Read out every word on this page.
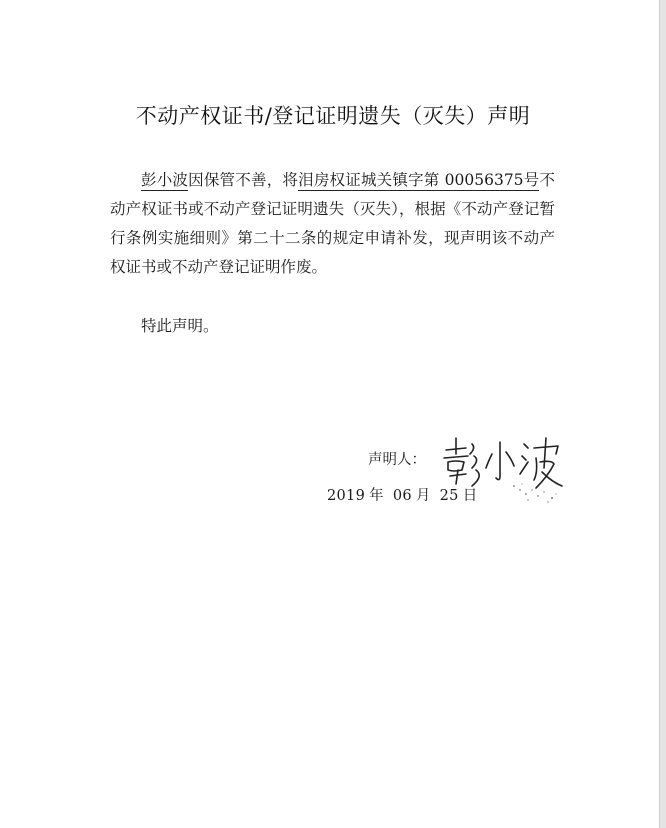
不动产权证书/登记证明遗失（灭失）声明
彭小波因保管不善，将泪房权证城关镇字第 00056375号不动产权证书或不动产登记证明遗失（灭失），根据《不动产登记暂行条例实施细则》第二十二条的规定申请补发，现声明该不动产权证书或不动产登记证明作废。
特此声明。
声明人：
2019 年 06 月 25 日
